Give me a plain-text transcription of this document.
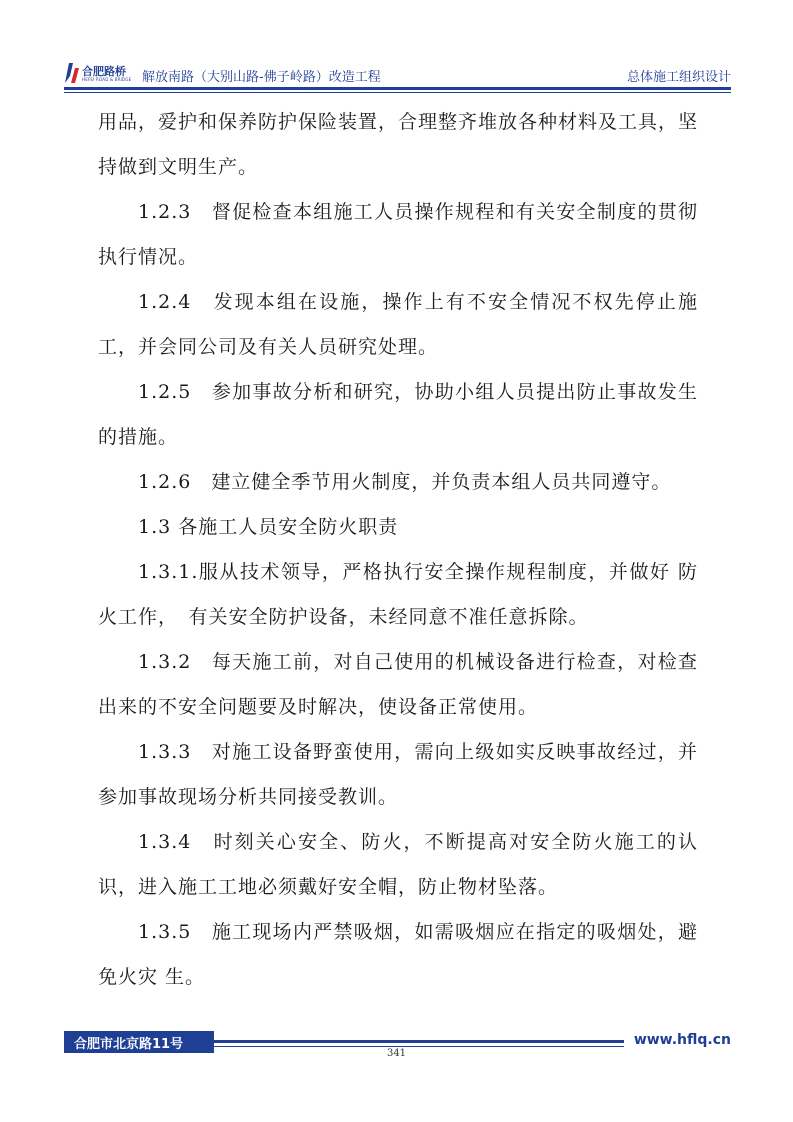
合肥路桥
HEFEI ROAD & BRIDGE 解放南路（大别山路-佛子岭路）改造工程	总体施工组织设计

用品，爱护和保养防护保险装置，合理整齐堆放各种材料及工具，坚持做到文明生产。

1.2.3　督促检查本组施工人员操作规程和有关安全制度的贯彻执行情况。

1.2.4　发现本组在设施，操作上有不安全情况不权先停止施工，并会同公司及有关人员研究处理。

1.2.5　参加事故分析和研究，协助小组人员提出防止事故发生的措施。

1.2.6　建立健全季节用火制度，并负责本组人员共同遵守。

1.3 各施工人员安全防火职责

1.3.1.服从技术领导，严格执行安全操作规程制度，并做好 防火工作，　有关安全防护设备，未经同意不准任意拆除。

1.3.2　每天施工前，对自己使用的机械设备进行检查，对检查出来的不安全问题要及时解决，使设备正常使用。

1.3.3　对施工设备野蛮使用，需向上级如实反映事故经过，并参加事故现场分析共同接受教训。

1.3.4　时刻关心安全、防火，不断提高对安全防火施工的认识，进入施工工地必须戴好安全帽，防止物材坠落。

1.3.5　施工现场内严禁吸烟，如需吸烟应在指定的吸烟处，避免火灾 生。

合肥市北京路11号	www.hflq.cn
341
